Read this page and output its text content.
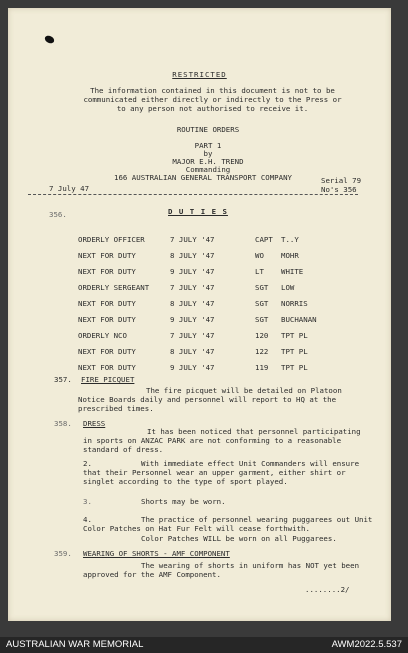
RESTRICTED
The information contained in this document is not to be communicated either directly or indirectly to the Press or to any person not authorised to receive it.
ROUTINE ORDERS
PART 1
by
MAJOR E.H. TREND
Commanding
166 AUSTRALIAN GENERAL TRANSPORT COMPANY
7 July 47
Serial 79
No's 356
356.	D U T I E S
ORDERLY OFFICER	7 JULY '47	CAPT T..Y
NEXT FOR DUTY	8 JULY '47	WO MOHR
NEXT FOR DUTY	9 JULY '47	LT WHITE
ORDERLY SERGEANT	7 JULY '47	SGT LOW
NEXT FOR DUTY	8 JULY '47	SGT NORRIS
NEXT FOR DUTY	9 JULY '47	SGT BUCHANAN
ORDERLY NCO	7 JULY '47	120 TPT PL
NEXT FOR DUTY	8 JULY '47	122 TPT PL
NEXT FOR DUTY	9 JULY '47	119 TPT PL
357. FIRE PICQUET
The fire picquet will be detailed on Platoon Notice Boards daily and personnel will report to HQ at the prescribed times.
358. DRESS
It has been noticed that personnel participating in sports on ANZAC PARK are not conforming to a reasonable standard of dress.
2.	With immediate effect Unit Commanders will ensure that their Personnel wear an upper garment, either shirt or singlet according to the type of sport played.
3.	Shorts may be worn.
4.	The practice of personnel wearing puggarees out Unit Color Patches on Hat Fur Felt will cease forthwith.
Color Patches WILL be worn on all Puggarees.
359. WEARING OF SHORTS - AMF COMPONENT
The wearing of shorts in uniform has NOT yet been approved for the AMF Component.
........2/
AUSTRALIAN WAR MEMORIAL	AWM2022.5.537
